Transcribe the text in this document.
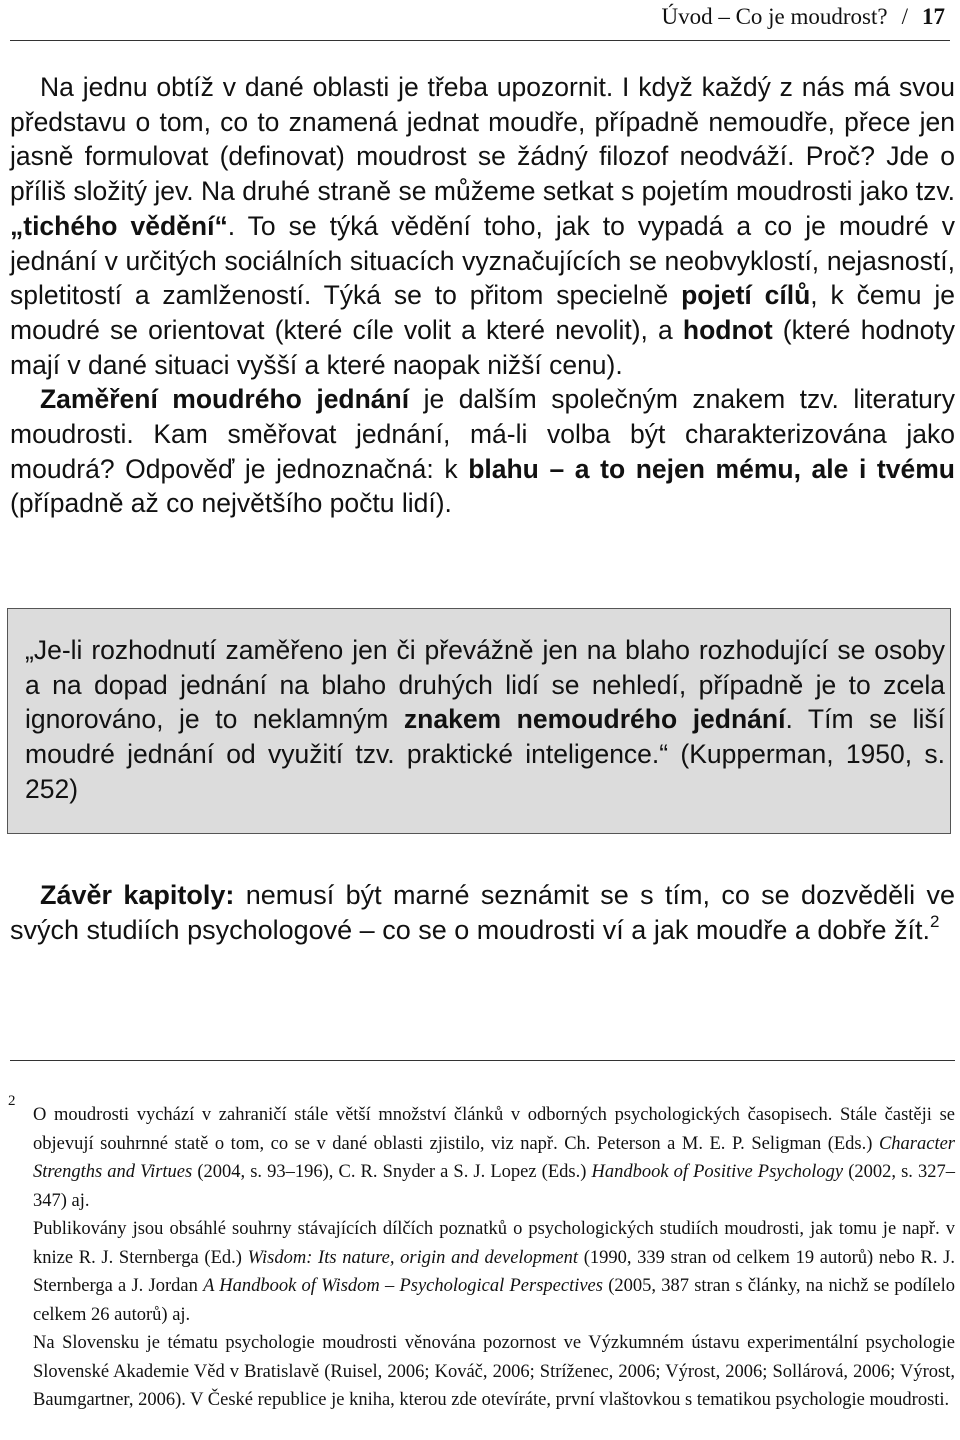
Úvod – Co je moudrost? / 17

Na jednu obtíž v dané oblasti je třeba upozornit. I když každý z nás má svou představu o tom, co to znamená jednat moudře, případně nemoudře, přece jen jasně formulovat (definovat) moudrost se žádný filozof neodváží. Proč? Jde o příliš složitý jev. Na druhé straně se můžeme setkat s pojetím moudrosti jako tzv. „tichého vědění“. To se týká vědění toho, jak to vypadá a co je moudré v jednání v určitých sociálních situacích vyznačujících se neobvyklostí, nejasností, spletitostí a zamlžeností. Týká se to přitom specielně pojetí cílů, k čemu je moudré se orientovat (které cíle volit a které nevolit), a hodnot (které hodnoty mají v dané situaci vyšší a které naopak nižší cenu).

Zaměření moudrého jednání je dalším společným znakem tzv. literatury moudrosti. Kam směřovat jednání, má-li volba být charakterizována jako moudrá? Odpověď je jednoznačná: k blahu – a to nejen mému, ale i tvému (případně až co největšího počtu lidí).

„Je-li rozhodnutí zaměřeno jen či převážně jen na blaho rozhodující se osoby a na dopad jednání na blaho druhých lidí se nehledí, případně je to zcela ignorováno, je to neklamným znakem nemoudrého jednání. Tím se liší moudré jednání od využití tzv. praktické inteligence.“ (Kupperman, 1950, s. 252)

Závěr kapitoly: nemusí být marné seznámit se s tím, co se dozvěděli ve svých studiích psychologové – co se o moudrosti ví a jak moudře a dobře žít.$^2$

2

O moudrosti vychází v zahraničí stále větší množství článků v odborných psychologických časopisech. Stále častěji se objevují souhrnné statě o tom, co se v dané oblasti zjistilo, viz např. Ch. Peterson a M. E. P. Seligman (Eds.) Character Strengths and Virtues (2004, s. 93–196), C. R. Snyder a S. J. Lopez (Eds.) Handbook of Positive Psychology (2002, s. 327–347) aj.

Publikovány jsou obsáhlé souhrny stávajících dílčích poznatků o psychologických studiích moudrosti, jak tomu je např. v knize R. J. Sternberga (Ed.) Wisdom: Its nature, origin and development (1990, 339 stran od celkem 19 autorů) nebo R. J. Sternberga a J. Jordan A Handbook of Wisdom – Psychological Perspectives (2005, 387 stran s články, na nichž se podílelo celkem 26 autorů) aj.

Na Slovensku je tématu psychologie moudrosti věnována pozornost ve Výzkumném ústavu experimentální psychologie Slovenské Akademie Věd v Bratislavě (Ruisel, 2006; Kováč, 2006; Stríženec, 2006; Výrost, 2006; Sollárová, 2006; Výrost, Baumgartner, 2006). V České republice je kniha, kterou zde otevíráte, první vlaštovkou s tematikou psychologie moudrosti.
